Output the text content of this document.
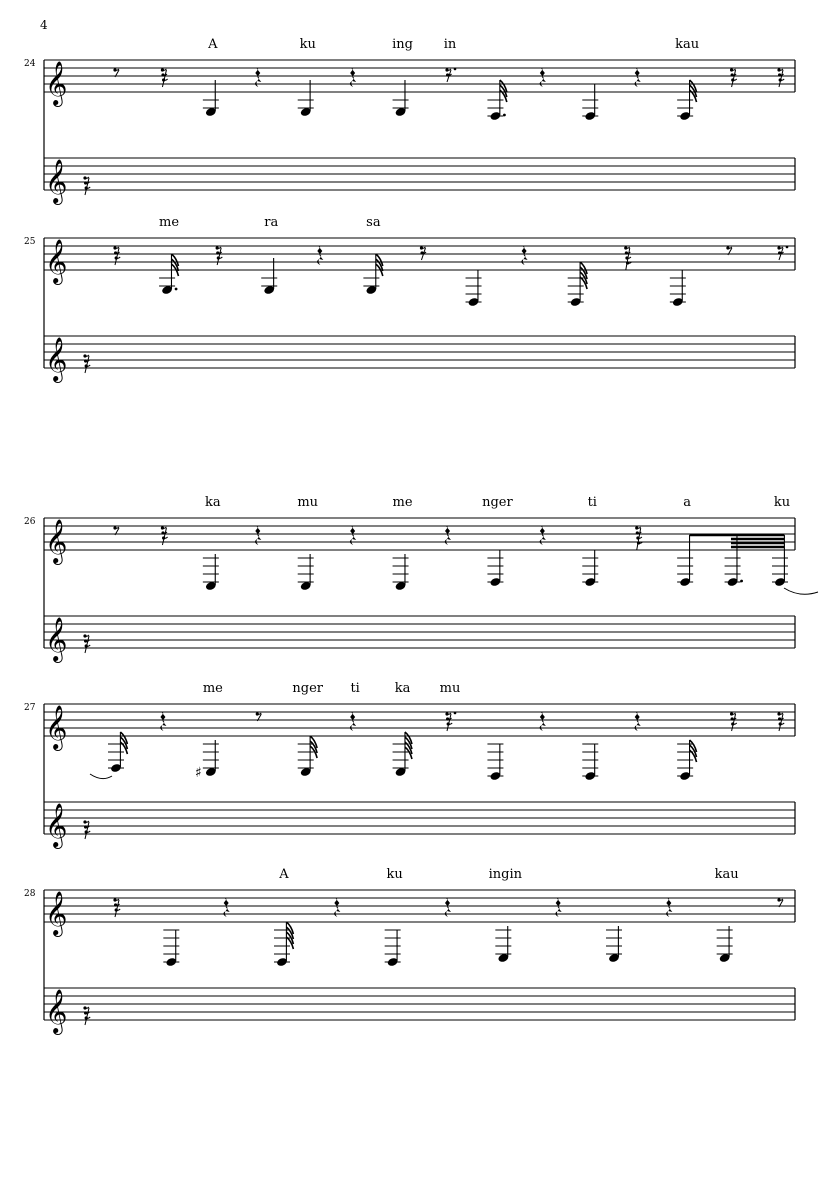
4
𝄞
24
A	ku	ing in	kau
𝄞
𝄞
25
me	ra	sa
𝄞
𝄞
26
ka	mu	me	nger	ti	a	ku
𝄞
𝄞
27
♯
me	nger ti	ka mu
𝄞
𝄞
28
A	ku	ingin	kau
𝄞
